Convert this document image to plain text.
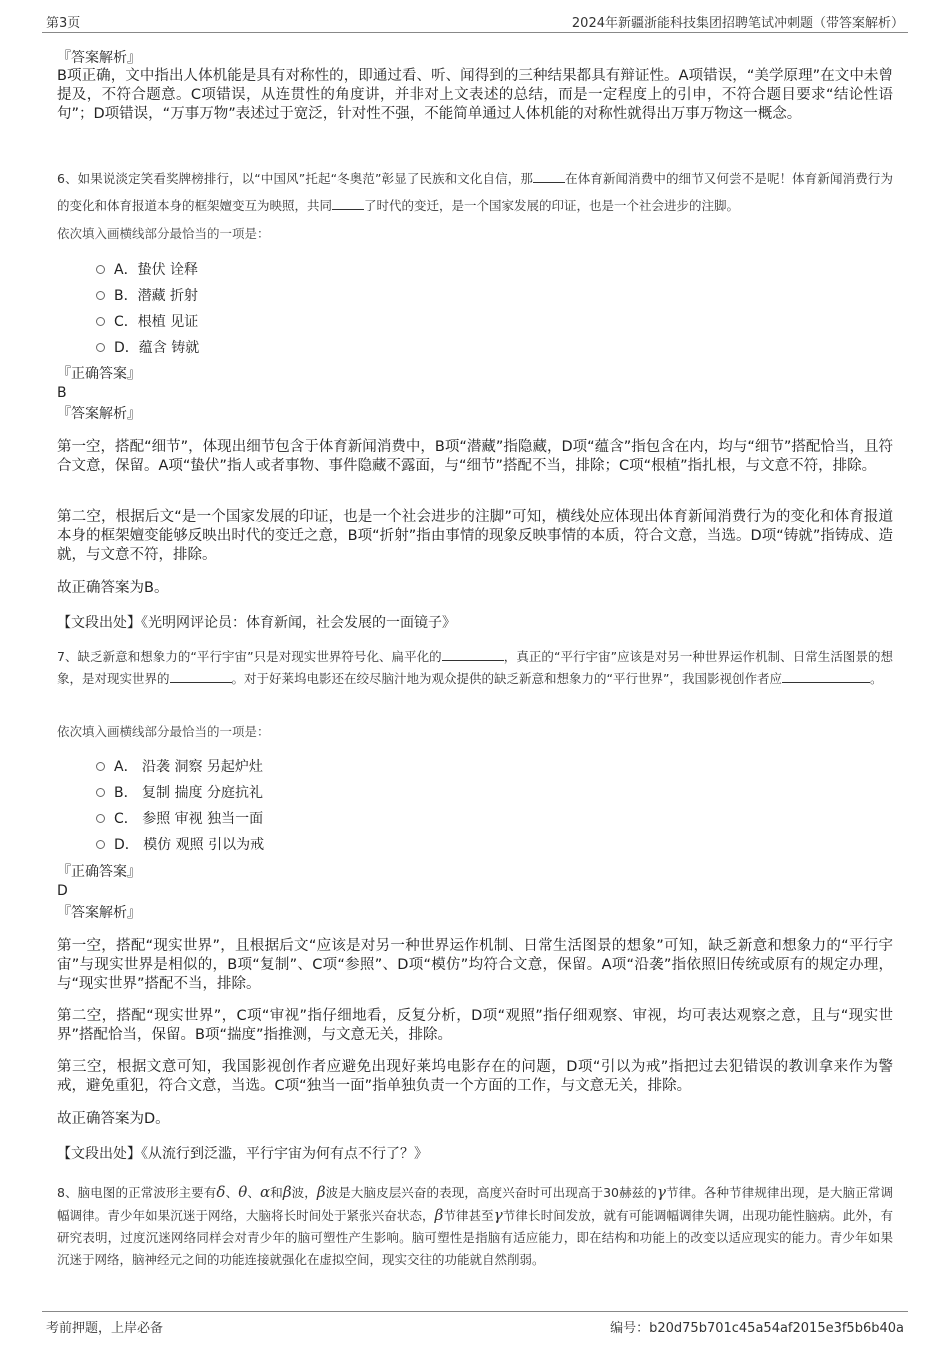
第3页	2024年新疆浙能科技集团招聘笔试冲刺题（带答案解析）
『答案解析』
B项正确，文中指出人体机能是具有对称性的，即通过看、听、闻得到的三种结果都具有辩证性。A项错误，“美学原理”在文中未曾提及，不符合题意。C项错误，从连贯性的角度讲，并非对上文表述的总结，而是一定程度上的引申，不符合题目要求“结论性语句”；D项错误，“万事万物”表述过于宽泛，针对性不强，不能简单通过人体机能的对称性就得出万事万物这一概念。
6、如果说淡定笑看奖牌榜排行，以“中国风”托起“冬奥范”彰显了民族和文化自信，那	在体育新闻消费中的细节又何尝不是呢！体育新闻消费行为的变化和体育报道本身的框架嬗变互为映照，共同	了时代的变迁，是一个国家发展的印证，也是一个社会进步的注脚。
依次填入画横线部分最恰当的一项是：
A．蛰伏 诠释
B．潜藏 折射
C．根植 见证
D．蕴含 铸就
『正确答案』
B
『答案解析』
第一空，搭配“细节”，体现出细节包含于体育新闻消费中，B项“潜藏”指隐藏，D项“蕴含”指包含在内，均与“细节”搭配恰当，且符合文意，保留。A项“蛰伏”指人或者事物、事件隐藏不露面，与“细节”搭配不当，排除；C项“根植”指扎根，与文意不符，排除。
第二空，根据后文“是一个国家发展的印证，也是一个社会进步的注脚”可知，横线处应体现出体育新闻消费行为的变化和体育报道本身的框架嬗变能够反映出时代的变迁之意，B项“折射”指由事情的现象反映事情的本质，符合文意，当选。D项“铸就”指铸成、造就，与文意不符，排除。
故正确答案为B。
【文段出处】《光明网评论员：体育新闻，社会发展的一面镜子》
7、缺乏新意和想象力的“平行宇宙”只是对现实世界符号化、扁平化的	，真正的“平行宇宙”应该是对另一种世界运作机制、日常生活图景的想象，是对现实世界的	。对于好莱坞电影还在绞尽脑汁地为观众提供的缺乏新意和想象力的“平行世界”，我国影视创作者应	。
依次填入画横线部分最恰当的一项是：
A． 沿袭 洞察 另起炉灶
B． 复制 揣度 分庭抗礼
C． 参照 审视 独当一面
D． 模仿 观照 引以为戒
『正确答案』
D
『答案解析』
第一空，搭配“现实世界”，且根据后文“应该是对另一种世界运作机制、日常生活图景的想象”可知，缺乏新意和想象力的“平行宇宙”与现实世界是相似的，B项“复制”、C项“参照”、D项“模仿”均符合文意，保留。A项“沿袭”指依照旧传统或原有的规定办理，与“现实世界”搭配不当，排除。
第二空，搭配“现实世界”，C项“审视”指仔细地看，反复分析，D项“观照”指仔细观察、审视，均可表达观察之意，且与“现实世界”搭配恰当，保留。B项“揣度”指推测，与文意无关，排除。
第三空，根据文意可知，我国影视创作者应避免出现好莱坞电影存在的问题，D项“引以为戒”指把过去犯错误的教训拿来作为警戒，避免重犯，符合文意，当选。C项“独当一面”指单独负责一个方面的工作，与文意无关，排除。
故正确答案为D。
【文段出处】《从流行到泛滥，平行宇宙为何有点不行了？》
8、脑电图的正常波形主要有δ、θ、α和β波，β波是大脑皮层兴奋的表现，高度兴奋时可出现高于30赫兹的γ节律。各种节律规律出现，是大脑正常调幅调律。青少年如果沉迷于网络，大脑将长时间处于紧张兴奋状态，β节律甚至γ节律长时间发放，就有可能调幅调律失调，出现功能性脑病。此外，有研究表明，过度沉迷网络同样会对青少年的脑可塑性产生影响。脑可塑性是指脑有适应能力，即在结构和功能上的改变以适应现实的能力。青少年如果沉迷于网络，脑神经元之间的功能连接就强化在虚拟空间，现实交往的功能就自然削弱。
考前押题，上岸必备	编号：b20d75b701c45a54af2015e3f5b6b40a
